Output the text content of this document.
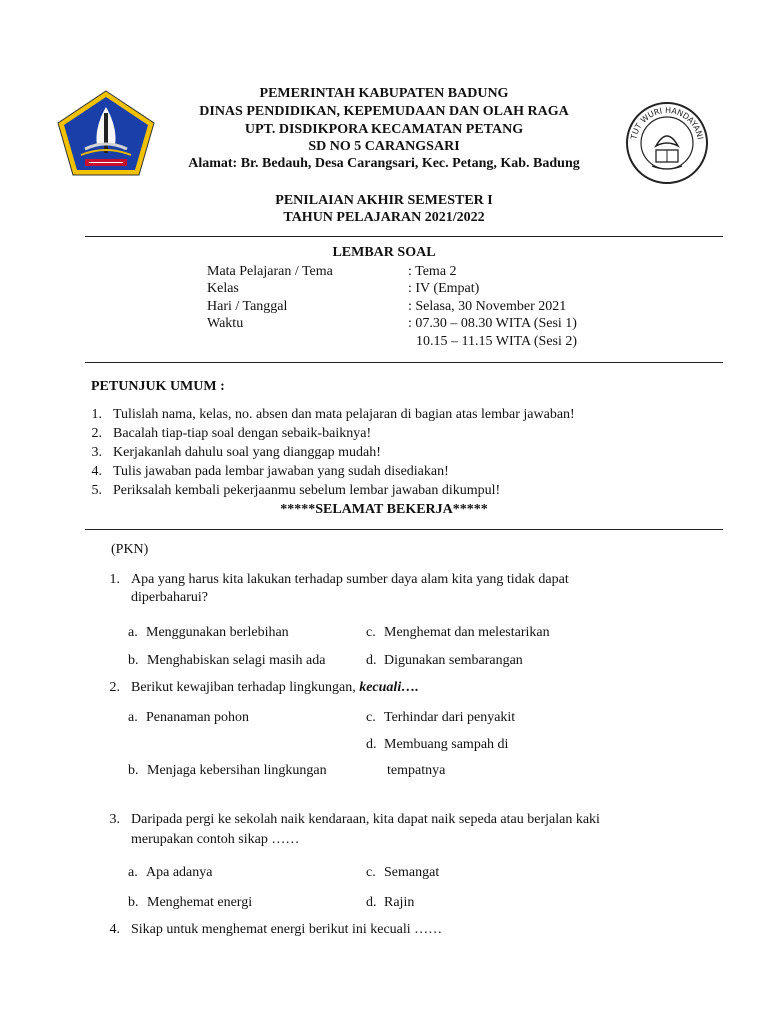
TUT WURI HANDAYANI
PEMERINTAH KABUPATEN BADUNG
DINAS PENDIDIKAN, KEPEMUDAAN DAN OLAH RAGA
UPT. DISDIKPORA KECAMATAN PETANG
SD NO 5 CARANGSARI
Alamat: Br. Bedauh, Desa Carangsari, Kec. Petang, Kab. Badung
PENILAIAN AKHIR SEMESTER I
TAHUN PELAJARAN 2021/2022
LEMBAR SOAL
Mata Pelajaran / Tema	: Tema 2
Kelas	: IV (Empat)
Hari / Tanggal	: Selasa, 30 November 2021
Waktu	: 07.30 – 08.30 WITA (Sesi 1)
10.15 – 11.15 WITA (Sesi 2)
PETUNJUK UMUM :
1. Tulislah nama, kelas, no. absen dan mata pelajaran di bagian atas lembar jawaban!
2. Bacalah tiap-tiap soal dengan sebaik-baiknya!
3. Kerjakanlah dahulu soal yang dianggap mudah!
4. Tulis jawaban pada lembar jawaban yang sudah disediakan!
5. Periksalah kembali pekerjaanmu sebelum lembar jawaban dikumpul!
*****SELAMAT BEKERJA*****
(PKN)
1. Apa yang harus kita lakukan terhadap sumber daya alam kita yang tidak dapat
diperbaharui?
a. Menggunakan berlebihan	c. Menghemat dan melestarikan
b. Menghabiskan selagi masih ada	d. Digunakan sembarangan
2. Berikut kewajiban terhadap lingkungan, kecuali….
a. Penanaman pohon	c. Terhindar dari penyakit
d. Membuang sampah di
b. Menjaga kebersihan lingkungan	tempatnya
3. Daripada pergi ke sekolah naik kendaraan, kita dapat naik sepeda atau berjalan kaki
merupakan contoh sikap ……
a. Apa adanya	c. Semangat
b. Menghemat energi	d. Rajin
4. Sikap untuk menghemat energi berikut ini kecuali ……
